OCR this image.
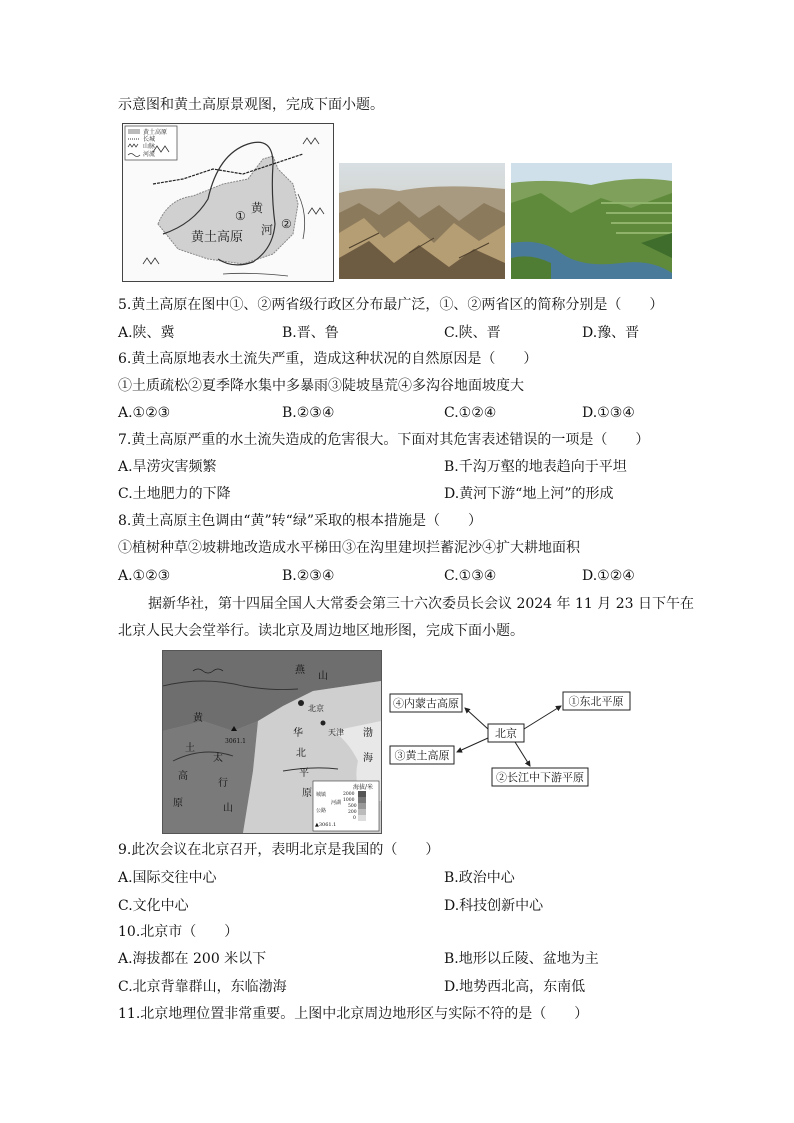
示意图和黄土高原景观图，完成下面小题。
黄土高原
长城
山脉
河流
黄土高原
黄
河
①
②
5.黄土高原在图中①、②两省级行政区分布最广泛，①、②两省区的简称分别是（　　）
A.陕、冀	B.晋、鲁	C.陕、晋	D.豫、晋
6.黄土高原地表水土流失严重，造成这种状况的自然原因是（　　）
①土质疏松②夏季降水集中多暴雨③陡坡垦荒④多沟谷地面坡度大
A.①②③	B.②③④	C.①②④	D.①③④
7.黄土高原严重的水土流失造成的危害很大。下面对其危害表述错误的一项是（　　）
A.旱涝灾害频繁	B.千沟万壑的地表趋向于平坦
C.土地肥力的下降	D.黄河下游“地上河”的形成
8.黄土高原主色调由“黄”转“绿”采取的根本措施是（　　）
①植树种草②坡耕地改造成水平梯田③在沟里建坝拦蓄泥沙④扩大耕地面积
A.①②③	B.②③④	C.①③④	D.①②④
据新华社，第十四届全国人大常委会第三十六次委员长会议 2024 年 11 月 23 日下午在
北京人民大会堂举行。读北京及周边地区地形图，完成下面小题。
燕
山
北京
天津 渤
海
华
北
平
原
黄
土
高
原
太
行
山
3061.1
海拔/米
2000
1000
500
200
0
城镇
河湖
公路
▲3061.1
④内蒙古高原	①东北平原
北京
③黄土高原
②长江中下游平原
9.此次会议在北京召开，表明北京是我国的（　　）
A.国际交往中心	B.政治中心
C.文化中心	D.科技创新中心
10.北京市（　　）
A.海拔都在 200 米以下	B.地形以丘陵、盆地为主
C.北京背靠群山，东临渤海	D.地势西北高，东南低
11.北京地理位置非常重要。上图中北京周边地形区与实际不符的是（　　）
